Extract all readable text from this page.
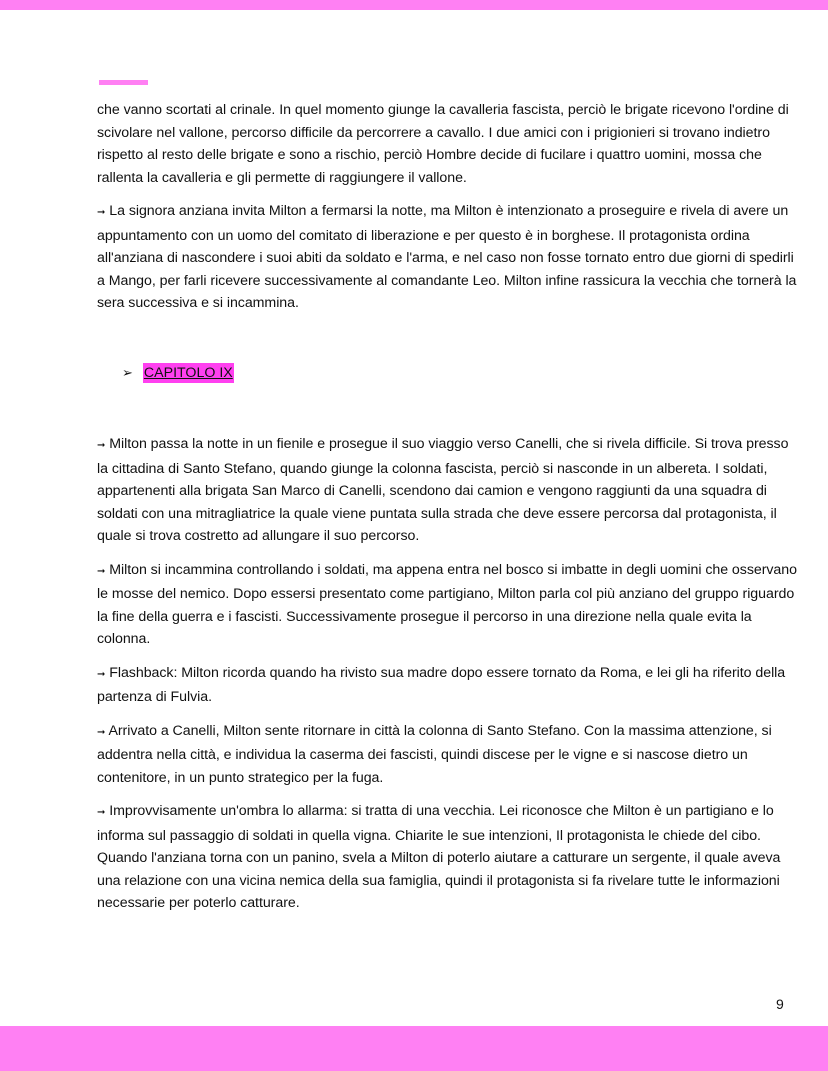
che vanno scortati al crinale. In quel momento giunge la cavalleria fascista, perciò le brigate ricevono l'ordine di scivolare nel vallone, percorso difficile da percorrere a cavallo. I due amici con i prigionieri si trovano indietro rispetto al resto delle brigate e sono a rischio, perciò Hombre decide di fucilare i quattro uomini, mossa che rallenta la cavalleria e gli permette di raggiungere il vallone.

➞ La signora anziana invita Milton a fermarsi la notte, ma Milton è intenzionato a proseguire e rivela di avere un appuntamento con un uomo del comitato di liberazione e per questo è in borghese. Il protagonista ordina all'anziana di nascondere i suoi abiti da soldato e l'arma, e nel caso non fosse tornato entro due giorni di spedirli a Mango, per farli ricevere successivamente al comandante Leo. Milton infine rassicura la vecchia che tornerà la sera successiva e si incammina.

➢ CAPITOLO IX

➞ Milton passa la notte in un fienile e prosegue il suo viaggio verso Canelli, che si rivela difficile. Si trova presso la cittadina di Santo Stefano, quando giunge la colonna fascista, perciò si nasconde in un albereta. I soldati, appartenenti alla brigata San Marco di Canelli, scendono dai camion e vengono raggiunti da una squadra di soldati con una mitragliatrice la quale viene puntata sulla strada che deve essere percorsa dal protagonista, il quale si trova costretto ad allungare il suo percorso.

➞ Milton si incammina controllando i soldati, ma appena entra nel bosco si imbatte in degli uomini che osservano le mosse del nemico. Dopo essersi presentato come partigiano, Milton parla col più anziano del gruppo riguardo la fine della guerra e i fascisti. Successivamente prosegue il percorso in una direzione nella quale evita la colonna.

➞ Flashback: Milton ricorda quando ha rivisto sua madre dopo essere tornato da Roma, e lei gli ha riferito della partenza di Fulvia.

➞ Arrivato a Canelli, Milton sente ritornare in città la colonna di Santo Stefano. Con la massima attenzione, si addentra nella città, e individua la caserma dei fascisti, quindi discese per le vigne e si nascose dietro un contenitore, in un punto strategico per la fuga.

➞ Improvvisamente un'ombra lo allarma: si tratta di una vecchia. Lei riconosce che Milton è un partigiano e lo informa sul passaggio di soldati in quella vigna. Chiarite le sue intenzioni, Il protagonista le chiede del cibo. Quando l'anziana torna con un panino, svela a Milton di poterlo aiutare a catturare un sergente, il quale aveva una relazione con una vicina nemica della sua famiglia, quindi il protagonista si fa rivelare tutte le informazioni necessarie per poterlo catturare.

9
